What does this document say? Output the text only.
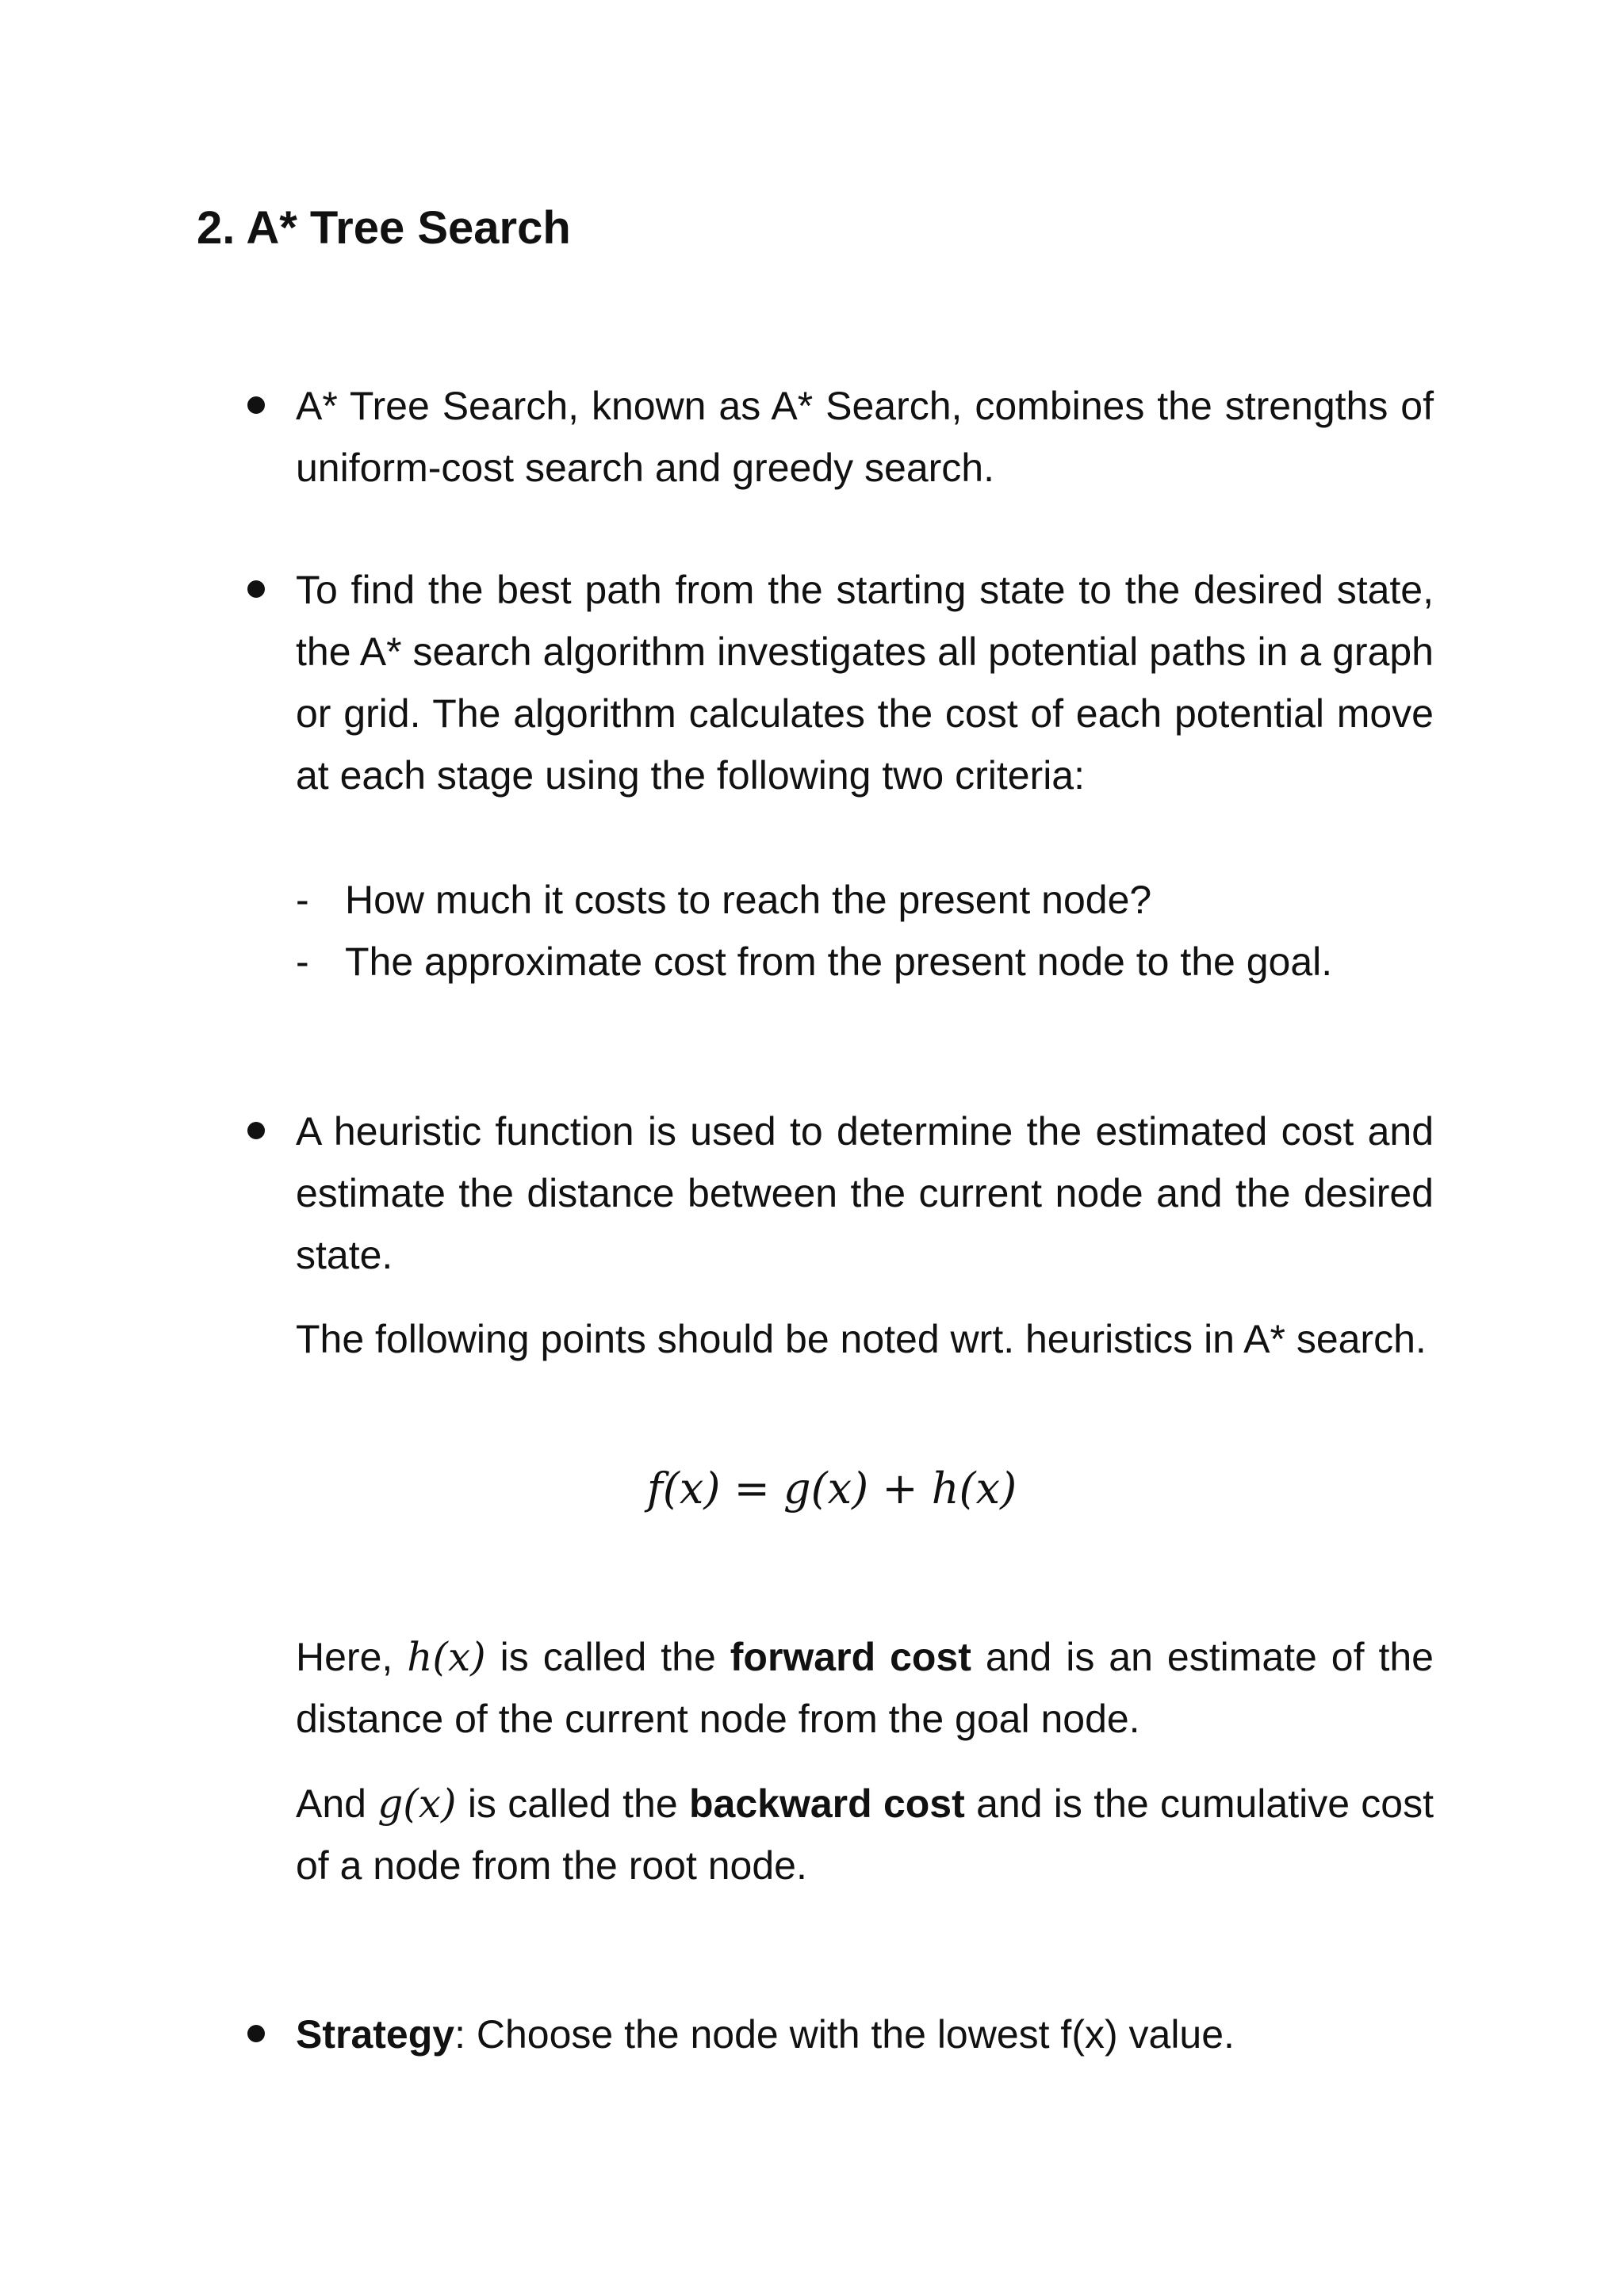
2. A* Tree Search
A* Tree Search, known as A* Search, combines the strengths of uniform-cost search and greedy search.
To find the best path from the starting state to the desired state, the A* search algorithm investigates all potential paths in a graph or grid. The algorithm calculates the cost of each potential move at each stage using the following two criteria:
- How much it costs to reach the present node?
- The approximate cost from the present node to the goal.
A heuristic function is used to determine the estimated cost and estimate the distance between the current node and the desired state.
The following points should be noted wrt. heuristics in A* search.
f(x) = g(x) + h(x)
Here, h(x) is called the forward cost and is an estimate of the distance of the current node from the goal node.
And g(x) is called the backward cost and is the cumulative cost of a node from the root node.
Strategy: Choose the node with the lowest f(x) value.
